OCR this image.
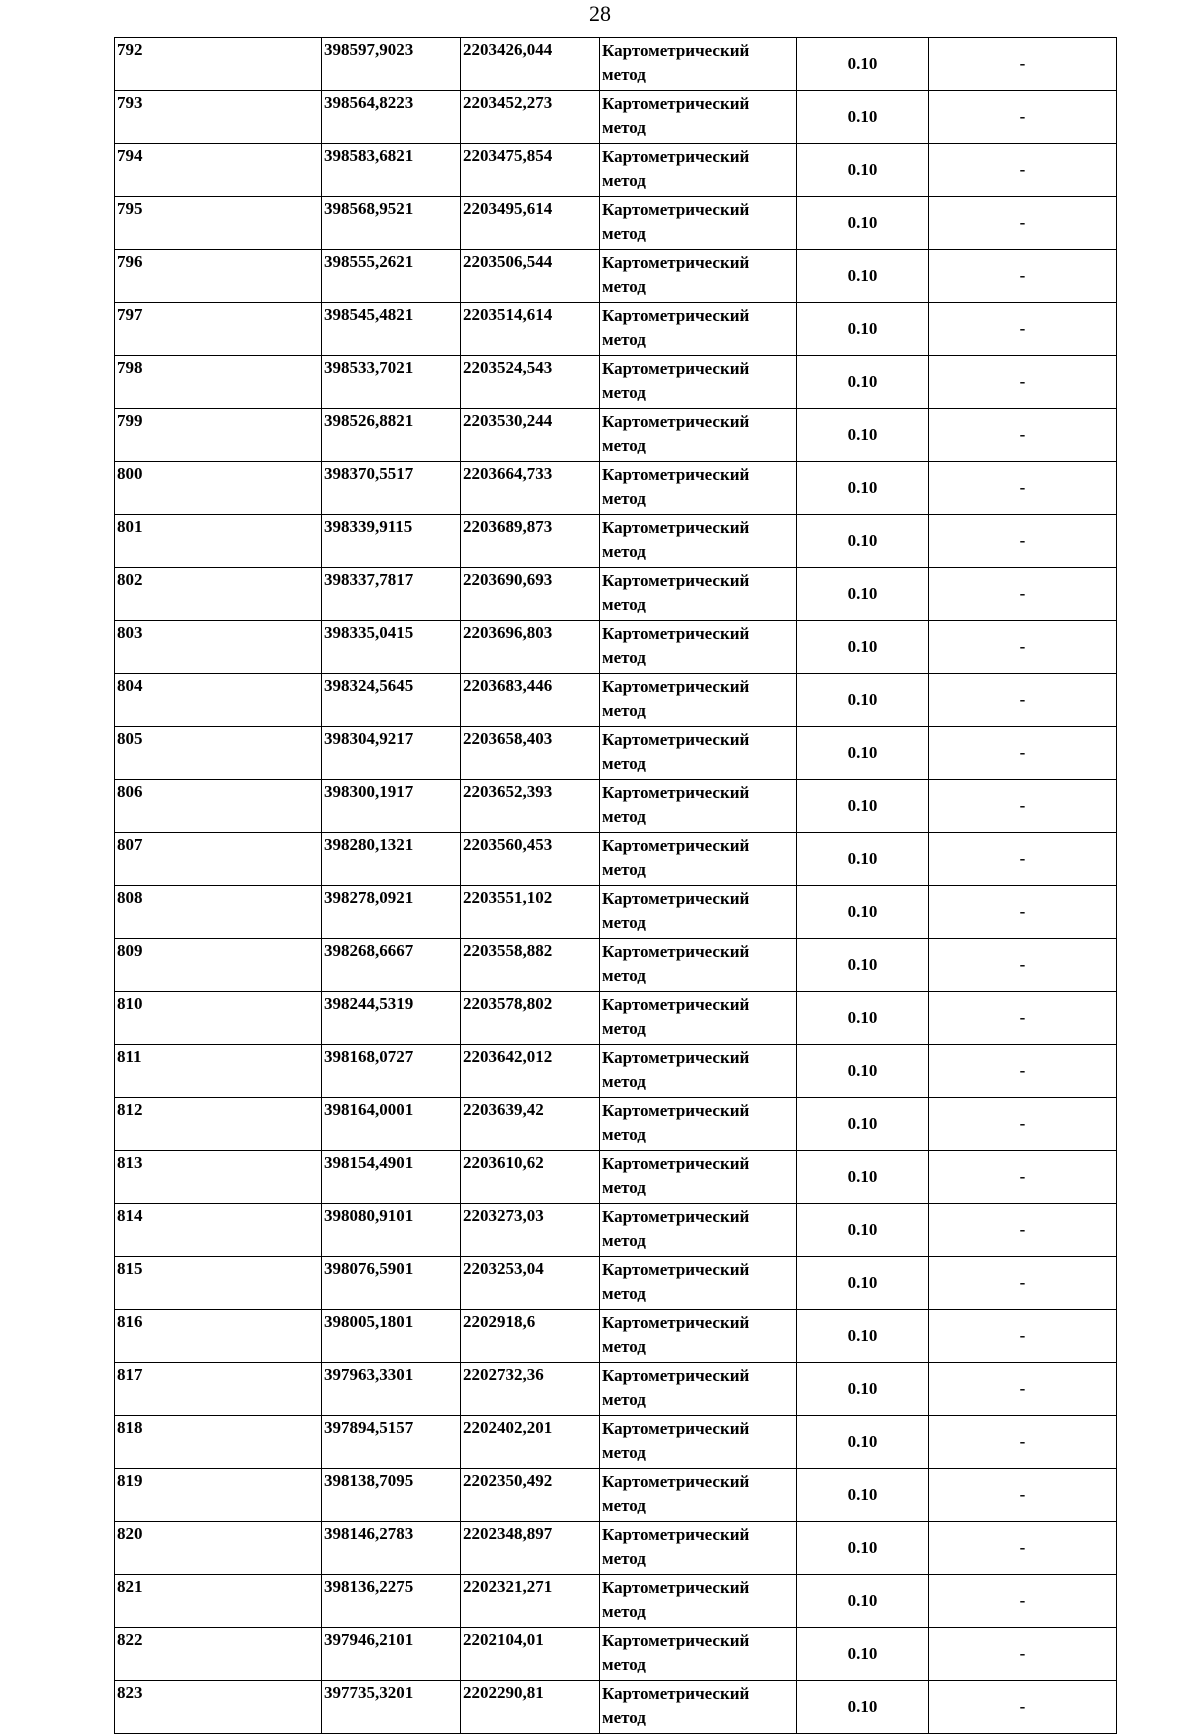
28
792	398597,9023	2203426,044	Картометрический
метод	0.10	-
793	398564,8223	2203452,273	Картометрический
метод	0.10	-
794	398583,6821	2203475,854	Картометрический
метод	0.10	-
795	398568,9521	2203495,614	Картометрический
метод	0.10	-
796	398555,2621	2203506,544	Картометрический
метод	0.10	-
797	398545,4821	2203514,614	Картометрический
метод	0.10	-
798	398533,7021	2203524,543	Картометрический
метод	0.10	-
799	398526,8821	2203530,244	Картометрический
метод	0.10	-
800	398370,5517	2203664,733	Картометрический
метод	0.10	-
801	398339,9115	2203689,873	Картометрический
метод	0.10	-
802	398337,7817	2203690,693	Картометрический
метод	0.10	-
803	398335,0415	2203696,803	Картометрический
метод	0.10	-
804	398324,5645	2203683,446	Картометрический
метод	0.10	-
805	398304,9217	2203658,403	Картометрический
метод	0.10	-
806	398300,1917	2203652,393	Картометрический
метод	0.10	-
807	398280,1321	2203560,453	Картометрический
метод	0.10	-
808	398278,0921	2203551,102	Картометрический
метод	0.10	-
809	398268,6667	2203558,882	Картометрический
метод	0.10	-
810	398244,5319	2203578,802	Картометрический
метод	0.10	-
811	398168,0727	2203642,012	Картометрический
метод	0.10	-
812	398164,0001	2203639,42	Картометрический
метод	0.10	-
813	398154,4901	2203610,62	Картометрический
метод	0.10	-
814	398080,9101	2203273,03	Картометрический
метод	0.10	-
815	398076,5901	2203253,04	Картометрический
метод	0.10	-
816	398005,1801	2202918,6	Картометрический
метод	0.10	-
817	397963,3301	2202732,36	Картометрический
метод	0.10	-
818	397894,5157	2202402,201	Картометрический
метод	0.10	-
819	398138,7095	2202350,492	Картометрический
метод	0.10	-
820	398146,2783	2202348,897	Картометрический
метод	0.10	-
821	398136,2275	2202321,271	Картометрический
метод	0.10	-
822	397946,2101	2202104,01	Картометрический
метод	0.10	-
823	397735,3201	2202290,81	Картометрический
метод	0.10	-
